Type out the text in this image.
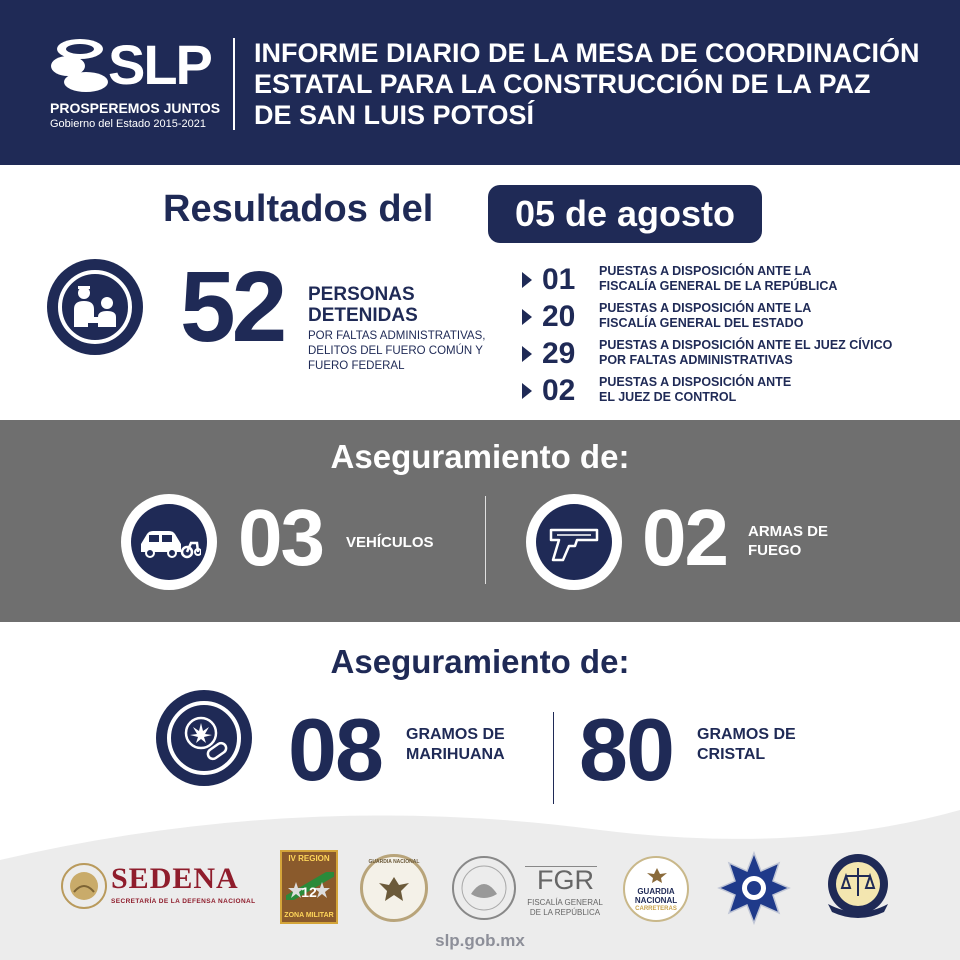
SLP
PROSPEREMOS JUNTOS
Gobierno del Estado 2015-2021
INFORME DIARIO DE LA MESA DE COORDINACIÓN
ESTATAL PARA LA CONSTRUCCIÓN DE LA PAZ
DE SAN LUIS POTOSÍ
Resultados del	05 de agosto
52 PERSONAS
DETENIDAS
POR FALTAS ADMINISTRATIVAS,
DELITOS DEL FUERO COMÚN Y
FUERO FEDERAL
01	PUESTAS A DISPOSICIÓN ANTE LA
FISCALÍA GENERAL DE LA REPÚBLICA
20	PUESTAS A DISPOSICIÓN ANTE LA
FISCALÍA GENERAL DEL ESTADO
29	PUESTAS A DISPOSICIÓN ANTE EL JUEZ CÍVICO
POR FALTAS ADMINISTRATIVAS
02	PUESTAS A DISPOSICIÓN ANTE
EL JUEZ DE CONTROL
Aseguramiento de:
03 VEHÍCULOS	02 ARMAS DE
FUEGO
Aseguramiento de:
08 GRAMOS DE
MARIHUANA 80 GRAMOS DE
CRISTAL
SEDENA
SECRETARÍA DE LA DEFENSA NACIONAL
IV REGION
12
ZONA MILITAR
GUARDIA NACIONAL
FGR
FISCALÍA GENERAL
DE LA REPÚBLICA
GUARDIA
NACIONAL
CARRETERAS
slp.gob.mx
